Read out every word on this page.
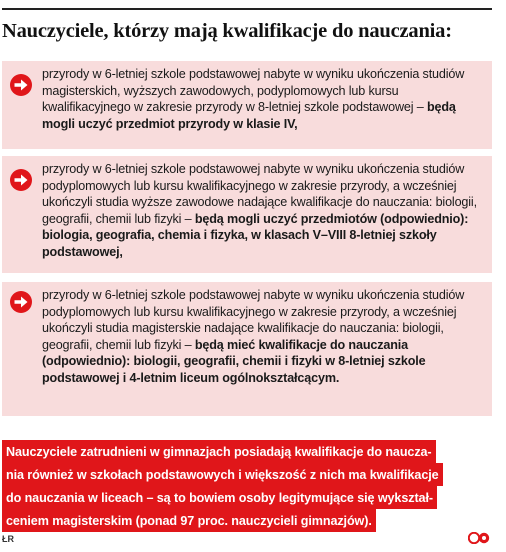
Nauczyciele, którzy mają kwalifikacje do nauczania:
przyrody w 6-letniej szkole podstawowej nabyte w wyniku ukończenia studiów magisterskich, wyższych zawodowych, podyplomowych lub kursu kwalifikacyjnego w zakresie przyrody w 8-letniej szkole podstawowej – będą mogli uczyć przedmiot przyrody w klasie IV,
przyrody w 6-letniej szkole podstawowej nabyte w wyniku ukończenia studiów podyplomowych lub kursu kwalifikacyjnego w zakresie przyrody, a wcześniej ukończyli studia wyższe zawodowe nadające kwalifikacje do nauczania: biologii, geografii, chemii lub fizyki – będą mogli uczyć przedmiotów (odpowiednio): biologia, geografia, chemia i fizyka, w klasach V–VIII 8-letniej szkoły podstawowej,
przyrody w 6-letniej szkole podstawowej nabyte w wyniku ukończenia studiów podyplomowych lub kursu kwalifikacyjnego w zakresie przyrody, a wcześniej ukończyli studia magisterskie nadające kwalifikacje do nauczania: biologii, geografii, chemii lub fizyki – będą mieć kwalifikacje do nauczania (odpowiednio): biologii, geografii, chemii i fizyki w 8-letniej szkole podstawowej i 4-letnim liceum ogólnokształcącym.
Nauczyciele zatrudnieni w gimnazjach posiadają kwalifikacje do naucza-
nia również w szkołach podstawowych i większość z nich ma kwalifikacje
do nauczania w liceach – są to bowiem osoby legitymujące się wykształ-
ceniem magisterskim (ponad 97 proc. nauczycieli gimnazjów).
ŁR
